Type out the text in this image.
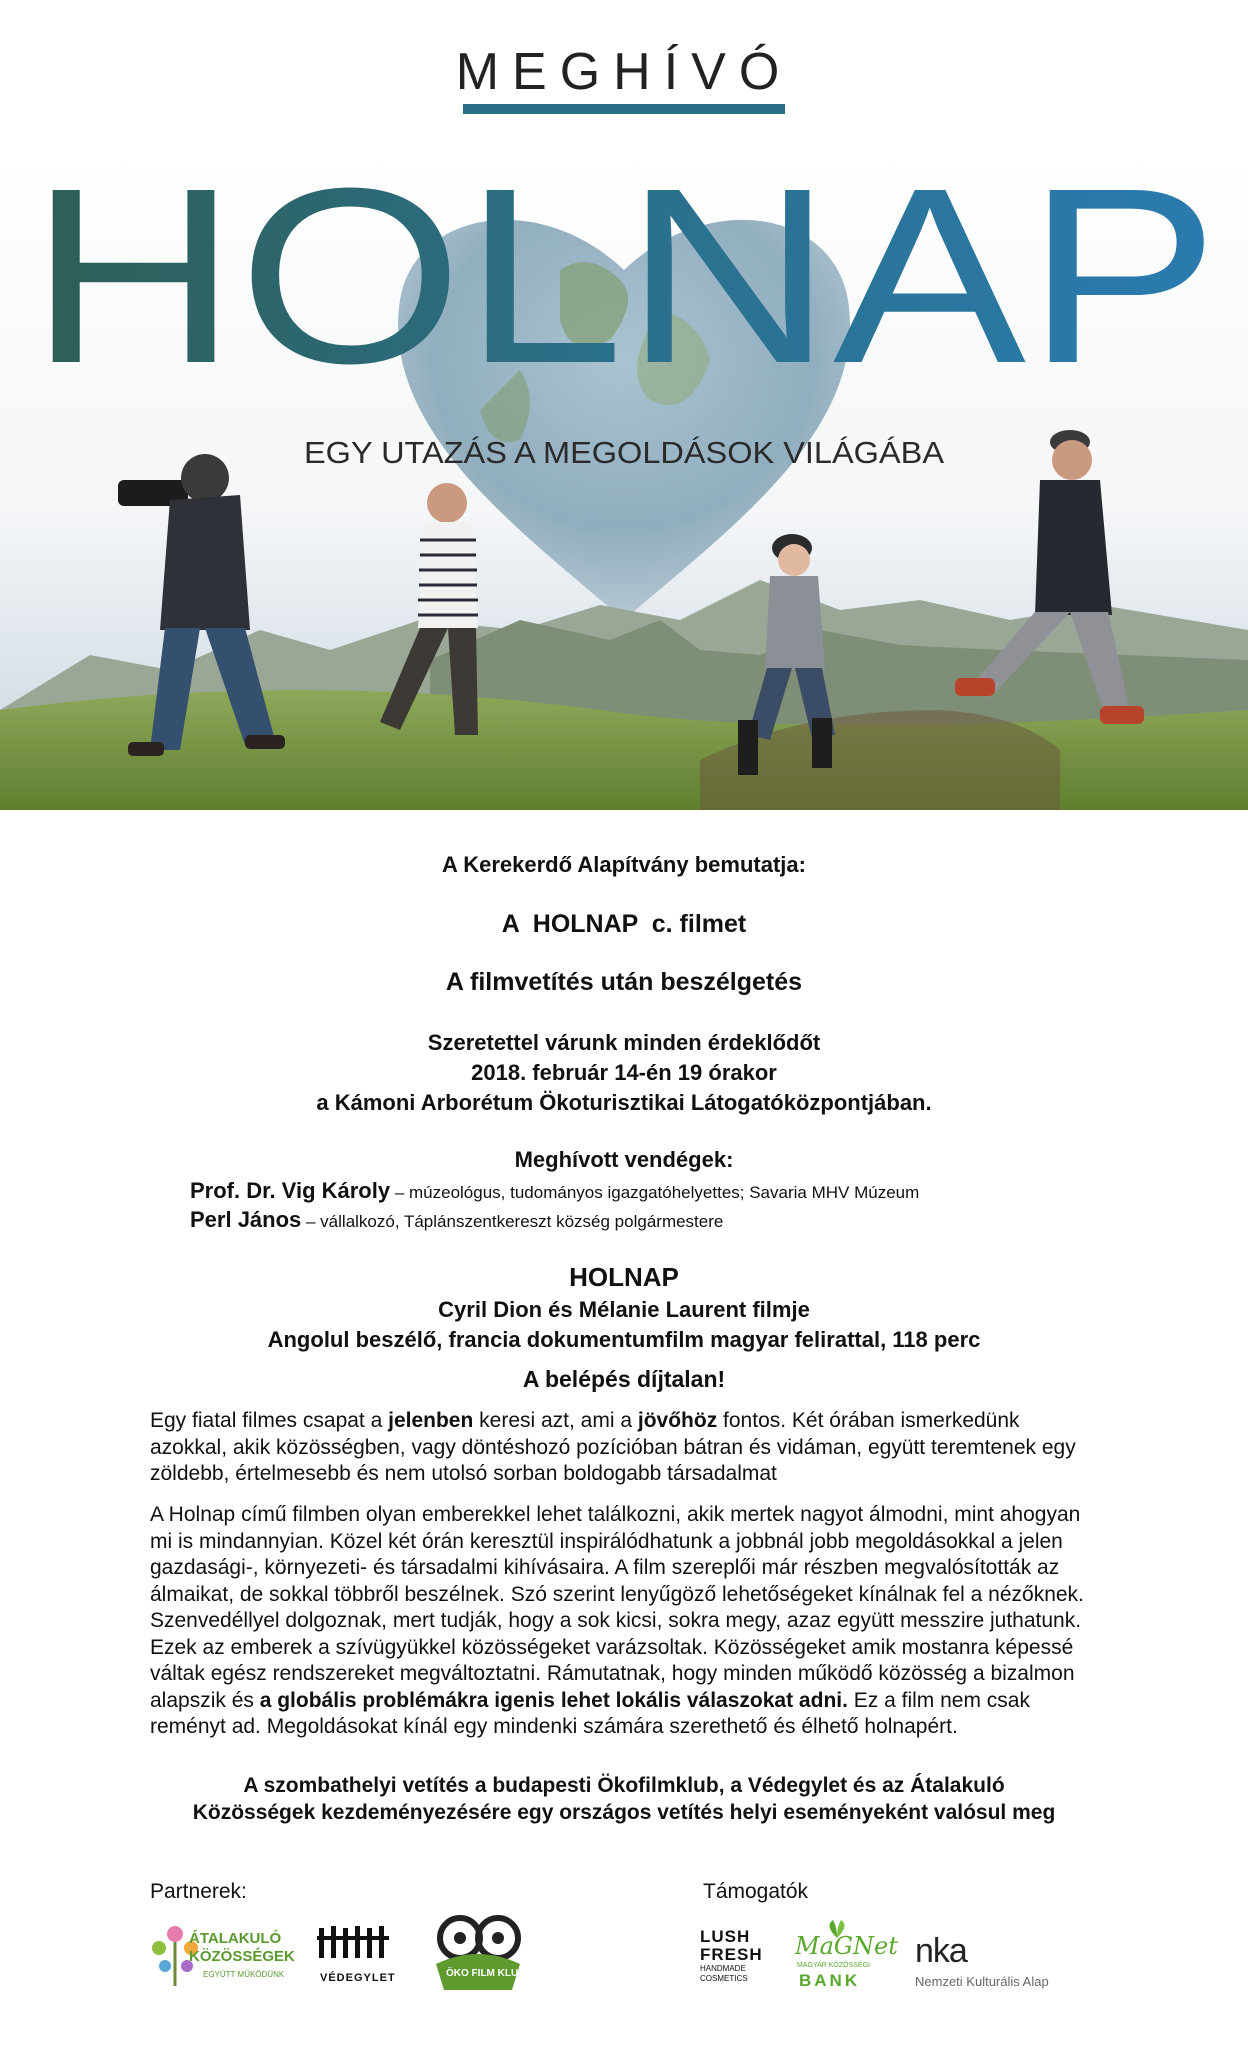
MEGHÍVÓ
HOLNAP
EGY UTAZÁS A MEGOLDÁSOK VILÁGÁBA
A Kerekerdő Alapítvány bemutatja:
A  HOLNAP  c. filmet
A filmvetítés után beszélgetés
Szeretettel várunk minden érdeklődőt
2018. február 14-én 19 órakor
a Kámoni Arborétum Ökoturisztikai Látogatóközpontjában.
Meghívott vendégek:
Prof. Dr. Vig Károly – múzeológus, tudományos igazgatóhelyettes; Savaria MHV Múzeum
Perl János – vállalkozó, Táplánszentkereszt község polgármestere
HOLNAP
Cyril Dion és Mélanie Laurent filmje
Angolul beszélő, francia dokumentumfilm magyar felirattal, 118 perc
A belépés díjtalan!
Egy fiatal filmes csapat a jelenben keresi azt, ami a jövőhöz fontos. Két órában ismerkedünk azokkal, akik közösségben, vagy döntéshozó pozícióban bátran és vidáman, együtt teremtenek egy zöldebb, értelmesebb és nem utolsó sorban boldogabb társadalmat
A Holnap című filmben olyan emberekkel lehet találkozni, akik mertek nagyot álmodni, mint ahogyan mi is mindannyian. Közel két órán keresztül inspirálódhatunk a jobbnál jobb megoldásokkal a jelen gazdasági-, környezeti- és társadalmi kihívásaira. A film szereplői már részben megvalósították az álmaikat, de sokkal többről beszélnek. Szó szerint lenyűgöző lehetőségeket kínálnak fel a nézőknek. Szenvedéllyel dolgoznak, mert tudják, hogy a sok kicsi, sokra megy, azaz együtt messzire juthatunk. Ezek az emberek a szívügyükkel közösségeket varázsoltak. Közösségeket amik mostanra képessé váltak egész rendszereket megváltoztatni. Rámutatnak, hogy minden működő közösség a bizalmon alapszik és a globális problémákra igenis lehet lokális válaszokat adni. Ez a film nem csak reményt ad. Megoldásokat kínál egy mindenki számára szerethető és élhető holnapért.
A szombathelyi vetítés a budapesti Ökofilmklub, a Védegylet és az Átalakuló
Közösségek kezdeményezésére egy országos vetítés helyi eseményeként valósul meg
Partnerek:	Támogatók
ÁTALAKULÓ
KÖZÖSSÉGEK
EGYÜTT MŰKÖDÜNK	VÉDEGYLET	ÖKO FILM KLUB
LUSH
FRESH
HANDMADE
COSMETICS
MaGNet
MAGYAR KÖZÖSSÉGI
BANK
nka
Nemzeti Kulturális Alap
